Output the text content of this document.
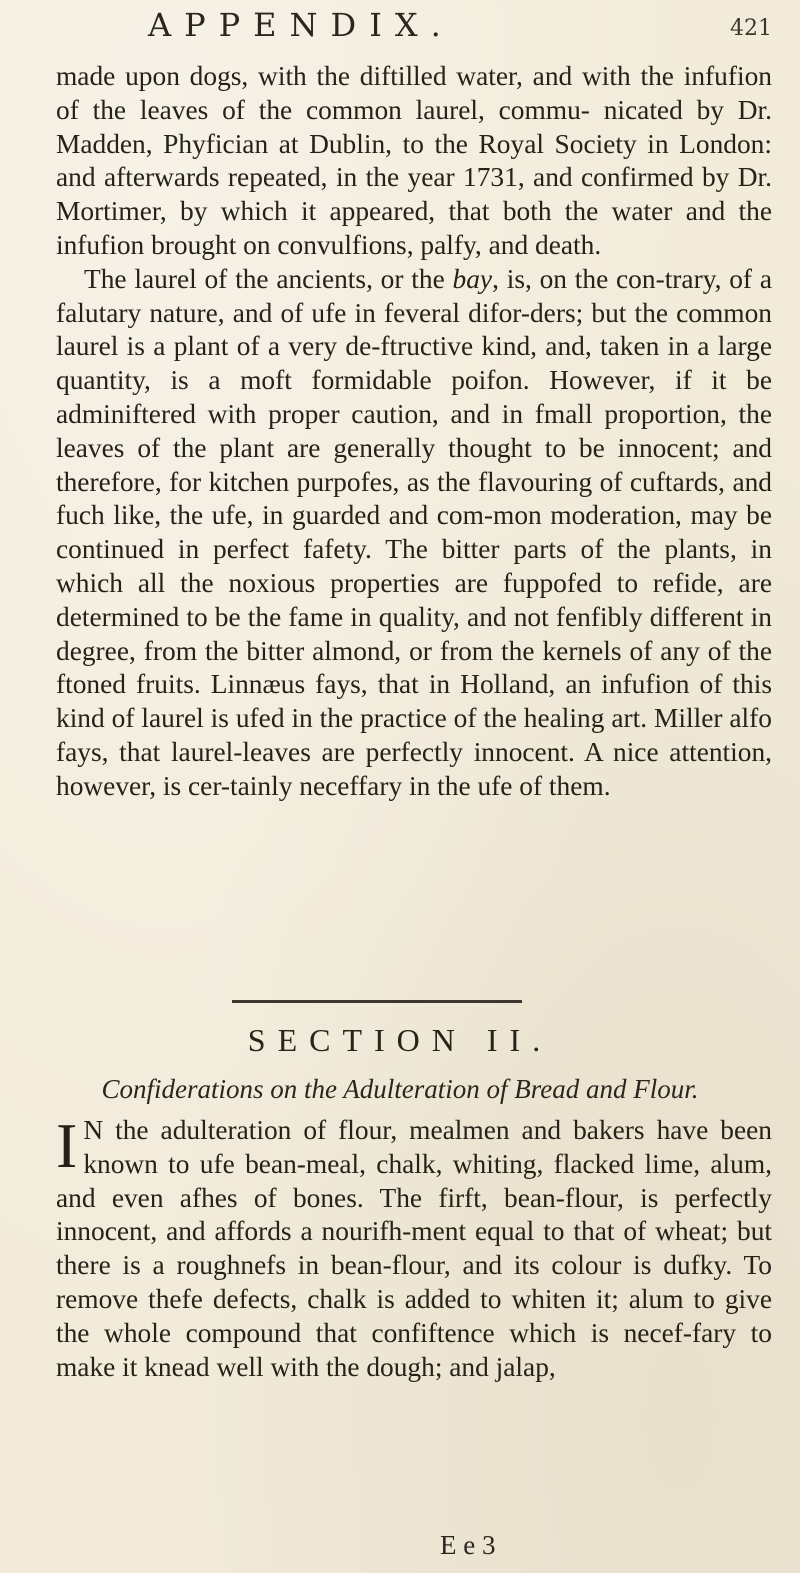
APPENDIX.	421

made upon dogs, with the diftilled water, and with the infufion of the leaves of the common laurel, commu- nicated by Dr. Madden, Phyfician at Dublin, to the Royal Society in London: and afterwards repeated, in the year 1731, and confirmed by Dr. Mortimer, by which it appeared, that both the water and the infufion brought on convulfions, palfy, and death.

The laurel of the ancients, or the bay, is, on the con-trary, of a falutary nature, and of ufe in feveral difor-ders; but the common laurel is a plant of a very de-ftructive kind, and, taken in a large quantity, is a moft formidable poifon. However, if it be adminiftered with proper caution, and in fmall proportion, the leaves of the plant are generally thought to be innocent; and therefore, for kitchen purpofes, as the flavouring of cuftards, and fuch like, the ufe, in guarded and com-mon moderation, may be continued in perfect fafety. The bitter parts of the plants, in which all the noxious properties are fuppofed to refide, are determined to be the fame in quality, and not fenfibly different in degree, from the bitter almond, or from the kernels of any of the ftoned fruits. Linnæus fays, that in Holland, an infufion of this kind of laurel is ufed in the practice of the healing art. Miller alfo fays, that laurel-leaves are perfectly innocent. A nice attention, however, is cer-tainly neceffary in the ufe of them.

SECTION II.
Confiderations on the Adulteration of Bread and Flour.

I N the adulteration of flour, mealmen and bakers have been known to ufe bean-meal, chalk, whiting, flacked lime, alum, and even afhes of bones. The firft, bean-flour, is perfectly innocent, and affords a nourifh-ment equal to that of wheat; but there is a roughnefs in bean-flour, and its colour is dufky. To remove thefe defects, chalk is added to whiten it; alum to give the whole compound that confiftence which is necef-fary to make it knead well with the dough; and jalap,

E e 3
